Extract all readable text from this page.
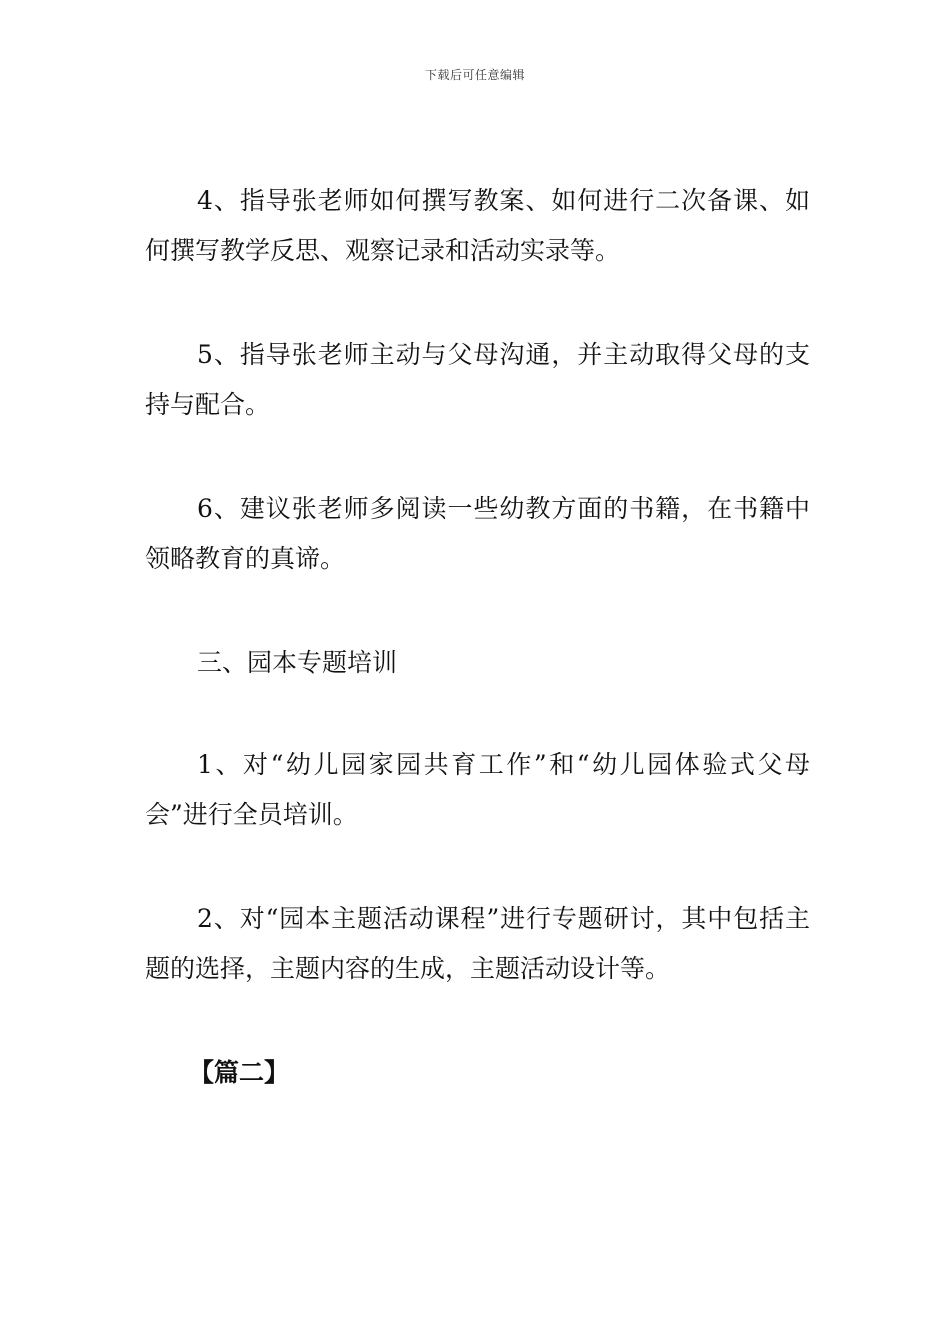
下载后可任意编辑

4、指导张老师如何撰写教案、如何进行二次备课、如何撰写教学反思、观察记录和活动实录等。

5、指导张老师主动与父母沟通，并主动取得父母的支持与配合。

6、建议张老师多阅读一些幼教方面的书籍，在书籍中领略教育的真谛。

三、园本专题培训

1、对“幼儿园家园共育工作”和“幼儿园体验式父母会”进行全员培训。

2、对“园本主题活动课程”进行专题研讨，其中包括主题的选择，主题内容的生成，主题活动设计等。

【篇二】
